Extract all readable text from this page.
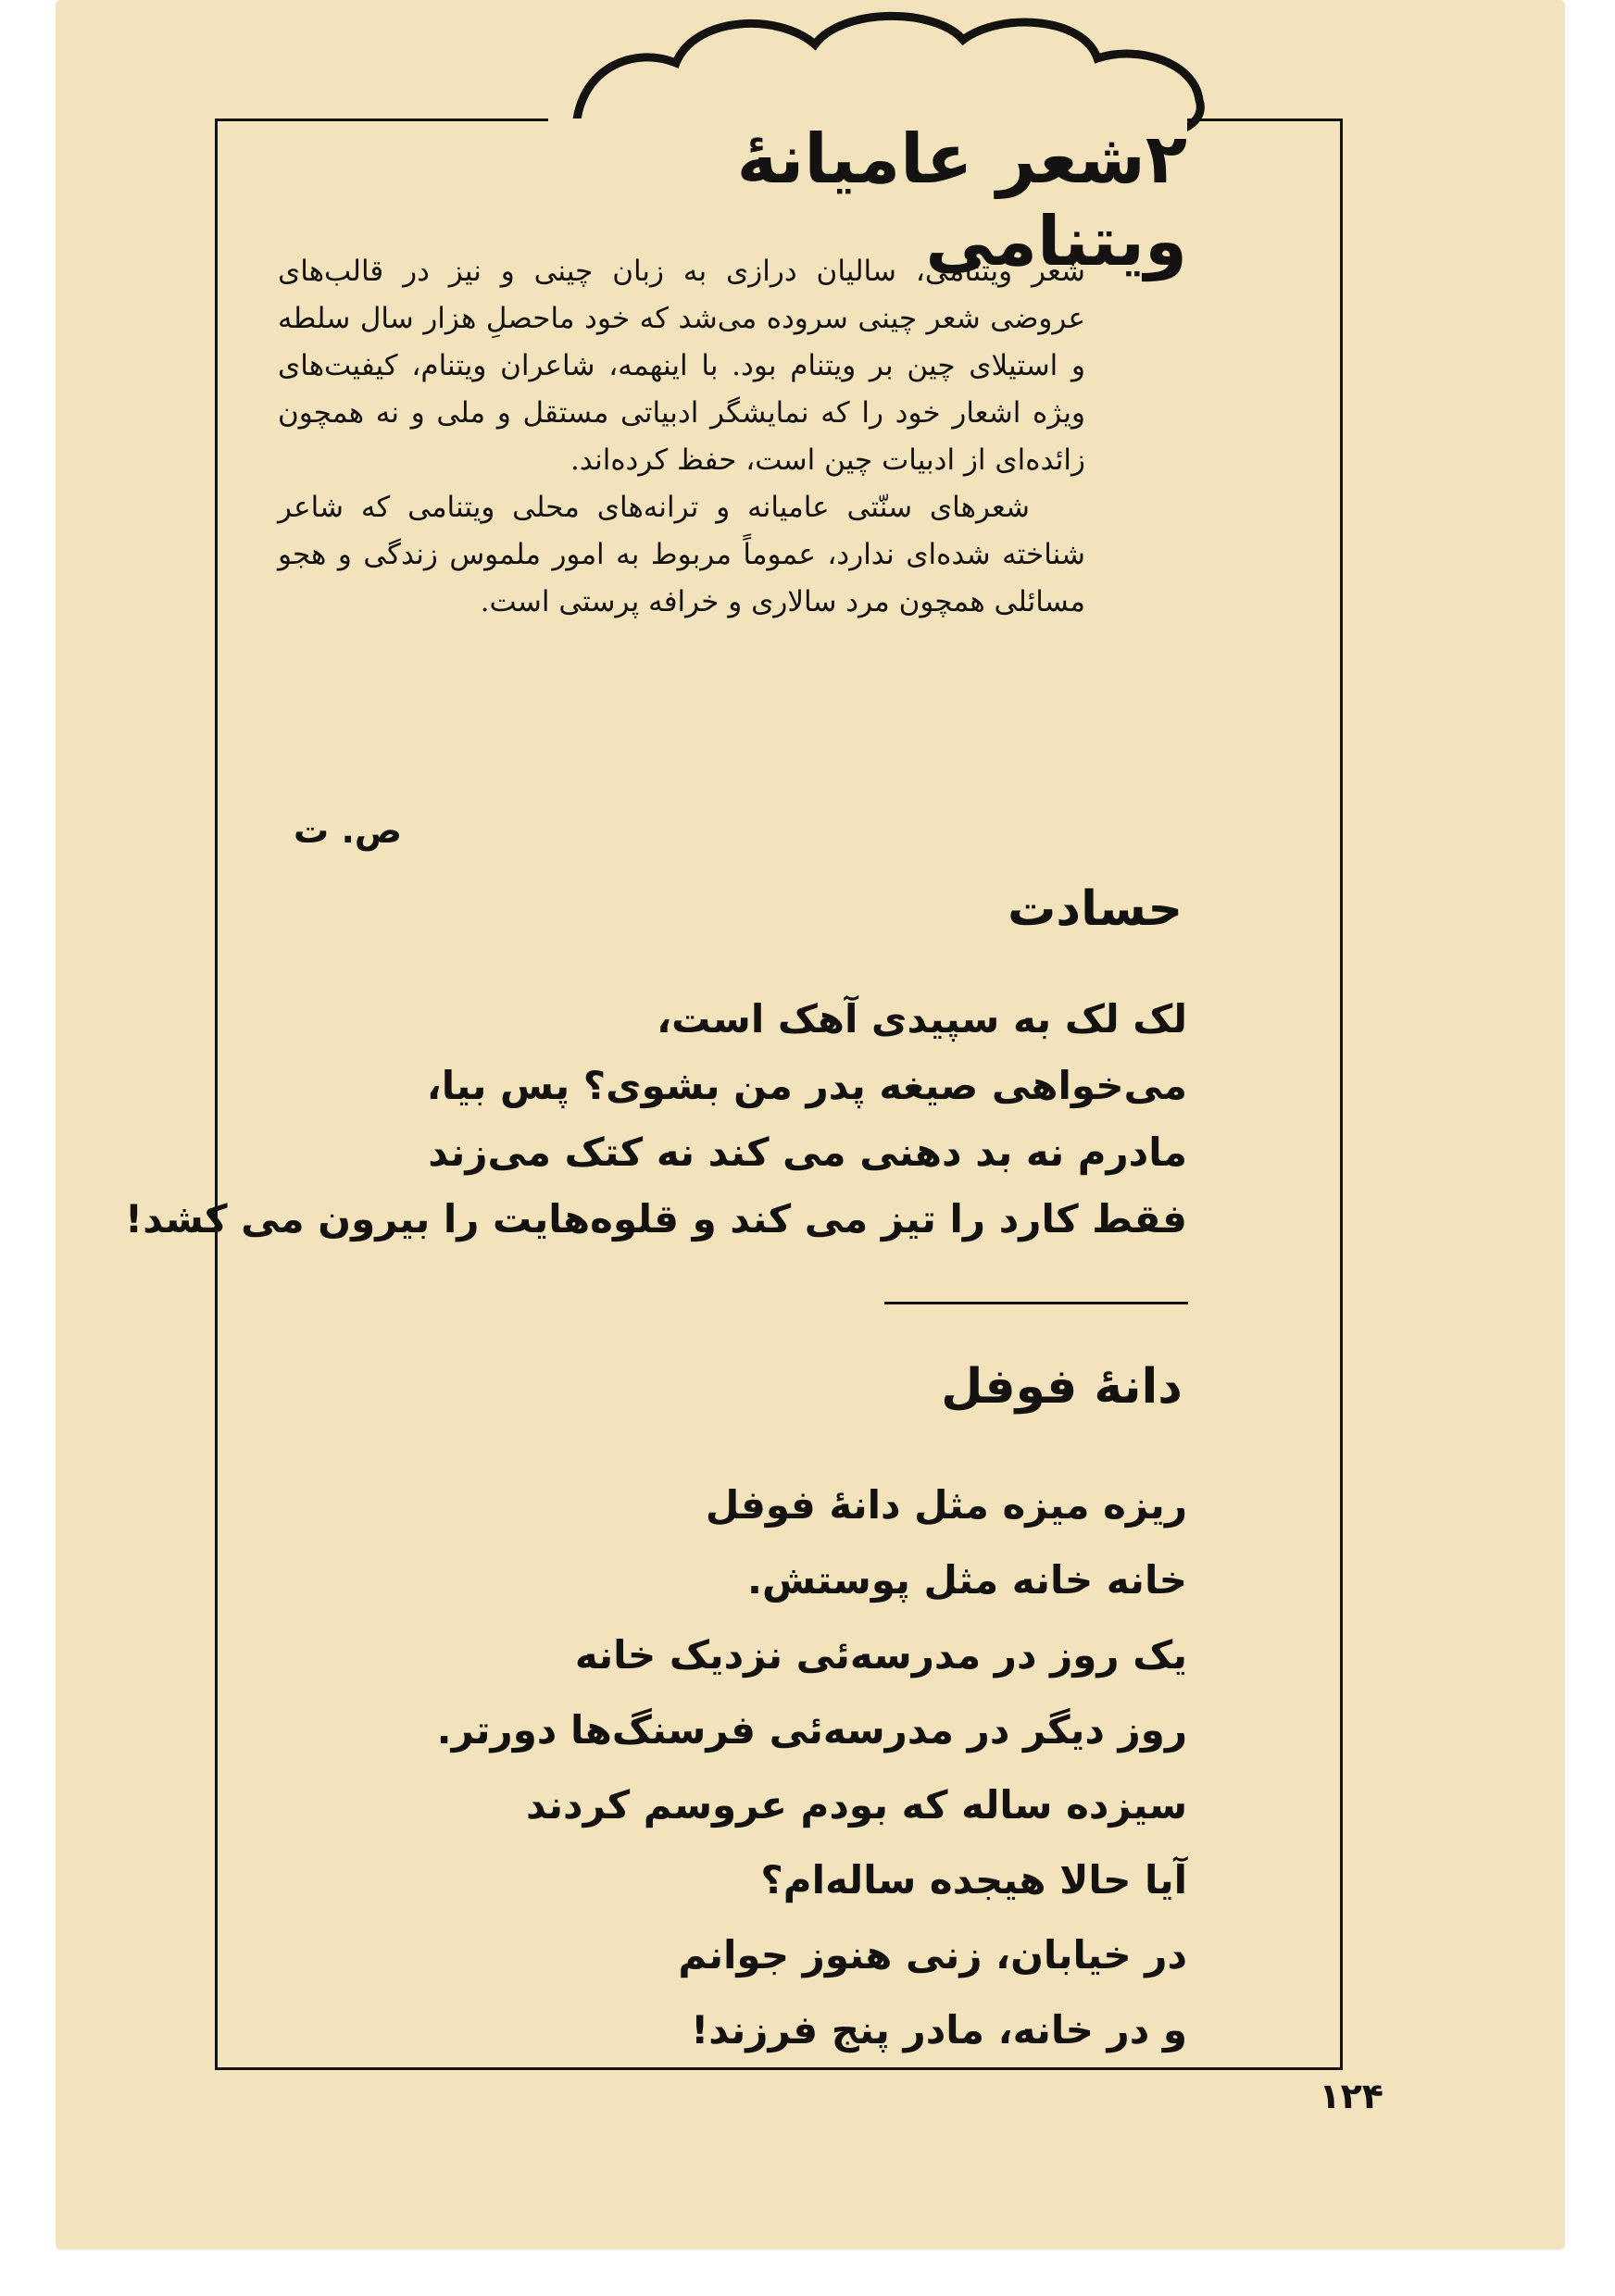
۲شعر عامیانهٔ ویتنامی

شعر ویتنامی، سالیان درازی به زبان چینی و نیز در قالب‌های عروضی شعر چینی سروده می‌شد که خود ماحصلِ هزار سال سلطه و استیلای چین بر ویتنام بود. با اینهمه، شاعران ویتنام، کیفیت‌های ویژه اشعار خود را که نمایشگر ادبیاتی مستقل و ملی و نه همچون زائده‌ای از ادبیات چین است، حفظ کرده‌اند.

شعرهای سنّتی عامیانه و ترانه‌های محلی ویتنامی که شاعر شناخته شده‌ای ندارد، عموماً مربوط به امور ملموس زندگی و هجو مسائلی همچون مرد سالاری و خرافه پرستی است.

ص. ت
حسادت
لک لک به سپیدی آهک است،
می‌خواهی صیغه پدر من بشوی؟ پس بیا،
مادرم نه بد دهنی می کند نه کتک می‌زند
فقط کارد را تیز می کند و قلوه‌هایت را بیرون می کشد!
دانهٔ فوفل
ریزه میزه مثل دانهٔ فوفل
خانه خانه مثل پوستش.
یک روز در مدرسه‌ئی نزدیک خانه
روز دیگر در مدرسه‌ئی فرسنگ‌ها دورتر.
سیزده ساله که بودم عروسم کردند
آیا حالا هیجده ساله‌ام؟
در خیابان، زنی هنوز جوانم
و در خانه، مادر پنج فرزند!
۱۲۴
